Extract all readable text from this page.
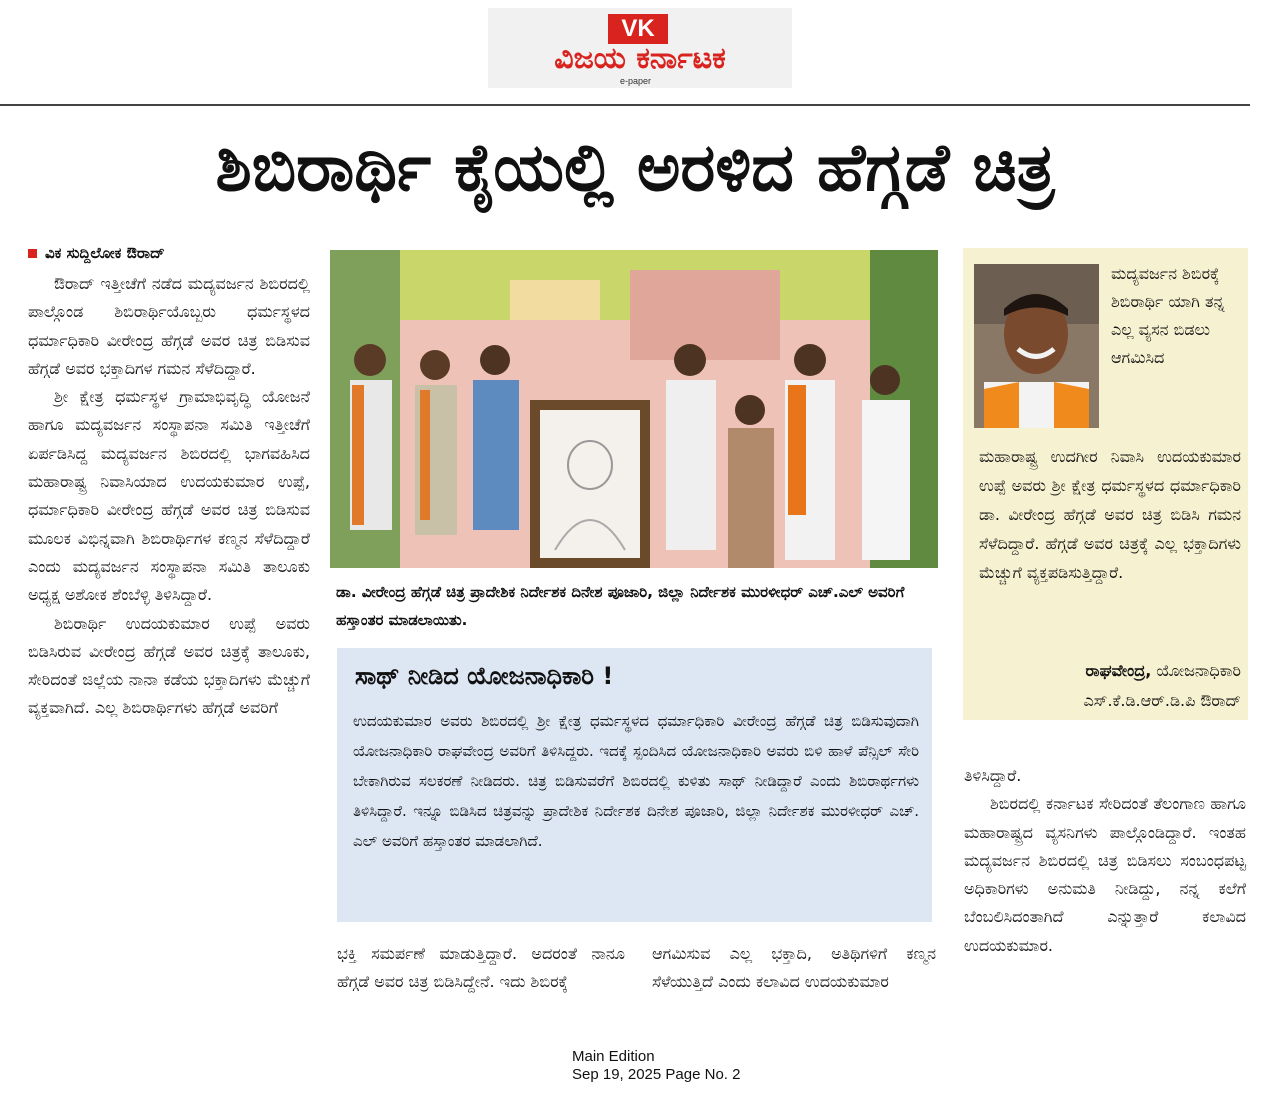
VK
ವಿಜಯ ಕರ್ನಾಟಕ
e-paper
ಶಿಬಿರಾರ್ಥಿ ಕೈಯಲ್ಲಿ ಅರಳಿದ ಹೆಗ್ಗಡೆ ಚಿತ್ರ
ವಿಕ ಸುದ್ದಿಲೋಕ ಔರಾದ್

ಔರಾದ್ ಇತ್ತೀಚೆಗೆ ನಡೆದ ಮದ್ಯವರ್ಜನ ಶಿಬಿರದಲ್ಲಿ ಪಾಲ್ಗೊಂಡ ಶಿಬಿರಾರ್ಥಿಯೊಬ್ಬರು ಧರ್ಮಸ್ಥಳದ ಧರ್ಮಾಧಿಕಾರಿ ವೀರೇಂದ್ರ ಹೆಗ್ಗಡೆ ಅವರ ಚಿತ್ರ ಬಿಡಿಸುವ ಹೆಗ್ಗಡೆ ಅವರ ಭಕ್ತಾದಿಗಳ ಗಮನ ಸೆಳೆದಿದ್ದಾರೆ.

ಶ್ರೀ ಕ್ಷೇತ್ರ ಧರ್ಮಸ್ಥಳ ಗ್ರಾಮಾಭಿವೃದ್ಧಿ ಯೋಜನೆ ಹಾಗೂ ಮದ್ಯವರ್ಜನ ಸಂಸ್ಥಾಪನಾ ಸಮಿತಿ ಇತ್ತೀಚೆಗೆ ಏರ್ಪಡಿಸಿದ್ದ ಮದ್ಯವರ್ಜನ ಶಿಬಿರದಲ್ಲಿ ಭಾಗವಹಿಸಿದ ಮಹಾರಾಷ್ಟ್ರ ನಿವಾಸಿಯಾದ ಉದಯಕುಮಾರ ಉಪ್ಪೆ, ಧರ್ಮಾಧಿಕಾರಿ ವೀರೇಂದ್ರ ಹೆಗ್ಗಡೆ ಅವರ ಚಿತ್ರ ಬಿಡಿಸುವ ಮೂಲಕ ವಿಭಿನ್ನವಾಗಿ ಶಿಬಿರಾರ್ಥಿಗಳ ಕಣ್ಮನ ಸೆಳೆದಿದ್ದಾರೆ ಎಂದು ಮದ್ಯವರ್ಜನ ಸಂಸ್ಥಾಪನಾ ಸಮಿತಿ ತಾಲೂಕು ಅಧ್ಯಕ್ಷ ಅಶೋಕ ಶೆಂಬೆಳ್ಳಿ ತಿಳಿಸಿದ್ದಾರೆ.

ಶಿಬಿರಾರ್ಥಿ ಉದಯಕುಮಾರ ಉಪ್ಪೆ ಅವರು ಬಿಡಿಸಿರುವ ವೀರೇಂದ್ರ ಹೆಗ್ಗಡೆ ಅವರ ಚಿತ್ರಕ್ಕೆ ತಾಲೂಕು, ಸೇರಿದಂತೆ ಜಿಲ್ಲೆಯ ನಾನಾ ಕಡೆಯ ಭಕ್ತಾದಿಗಳು ಮೆಚ್ಚುಗೆ ವ್ಯಕ್ತವಾಗಿದೆ. ಎಲ್ಲ ಶಿಬಿರಾರ್ಥಿಗಳು ಹೆಗ್ಗಡೆ ಅವರಿಗೆ

ಡಾ. ವೀರೇಂದ್ರ ಹೆಗ್ಗಡೆ ಚಿತ್ರ ಪ್ರಾದೇಶಿಕ ನಿರ್ದೇಶಕ ದಿನೇಶ ಪೂಜಾರಿ, ಜಿಲ್ಲಾ ನಿರ್ದೇಶಕ ಮುರಳೀಧರ್ ಎಚ್.ಎಲ್ ಅವರಿಗೆ ಹಸ್ತಾಂತರ ಮಾಡಲಾಯಿತು.
ಸಾಥ್ ನೀಡಿದ ಯೋಜನಾಧಿಕಾರಿ !
ಉದಯಕುಮಾರ ಅವರು ಶಿಬಿರದಲ್ಲಿ ಶ್ರೀ ಕ್ಷೇತ್ರ ಧರ್ಮಸ್ಥಳದ ಧರ್ಮಾಧಿಕಾರಿ ವೀರೇಂದ್ರ ಹೆಗ್ಗಡೆ ಚಿತ್ರ ಬಿಡಿಸುವುದಾಗಿ ಯೋಜನಾಧಿಕಾರಿ ರಾಘವೇಂದ್ರ ಅವರಿಗೆ ತಿಳಿಸಿದ್ದರು. ಇದಕ್ಕೆ ಸ್ಪಂದಿಸಿದ ಯೋಜನಾಧಿಕಾರಿ ಅವರು ಬಿಳಿ ಹಾಳೆ ಪೆನ್ಸಿಲ್ ಸೇರಿ ಬೇಕಾಗಿರುವ ಸಲಕರಣೆ ನೀಡಿದರು. ಚಿತ್ರ ಬಿಡಿಸುವರೆಗೆ ಶಿಬಿರದಲ್ಲಿ ಕುಳಿತು ಸಾಥ್ ನೀಡಿದ್ದಾರೆ ಎಂದು ಶಿಬಿರಾರ್ಥಗಳು ತಿಳಿಸಿದ್ದಾರೆ. ಇನ್ನೂ ಬಿಡಿಸಿದ ಚಿತ್ರವನ್ನು ಪ್ರಾದೇಶಿಕ ನಿರ್ದೇಶಕ ದಿನೇಶ ಪೂಜಾರಿ, ಜಿಲ್ಲಾ ನಿರ್ದೇಶಕ ಮುರಳೀಧರ್ ಎಚ್. ಎಲ್ ಅವರಿಗೆ ಹಸ್ತಾಂತರ ಮಾಡಲಾಗಿದೆ.

ಭಕ್ತಿ ಸಮರ್ಪಣೆ ಮಾಡುತ್ತಿದ್ದಾರೆ. ಅದರಂತೆ ನಾನೂ ಹೆಗ್ಗಡೆ ಅವರ ಚಿತ್ರ ಬಿಡಿಸಿದ್ದೇನೆ. ಇದು ಶಿಬಿರಕ್ಕೆ

ಆಗಮಿಸುವ ಎಲ್ಲ ಭಕ್ತಾದಿ, ಅತಿಥಿಗಳಿಗೆ ಕಣ್ಮನ ಸೆಳೆಯುತ್ತಿದೆ ಎಂದು ಕಲಾವಿದ ಉದಯಕುಮಾರ

ಮದ್ಯವರ್ಜನ ಶಿಬಿರಕ್ಕೆ ಶಿಬಿರಾರ್ಥಿ ಯಾಗಿ ತನ್ನ ಎಲ್ಲ ವ್ಯಸನ ಬಿಡಲು ಆಗಮಿಸಿದ
ಮಹಾರಾಷ್ಟ್ರ ಉದಗೀರ ನಿವಾಸಿ ಉದಯಕುಮಾರ ಉಪ್ಪೆ ಅವರು ಶ್ರೀ ಕ್ಷೇತ್ರ ಧರ್ಮಸ್ಥಳದ ಧರ್ಮಾಧಿಕಾರಿ ಡಾ. ವೀರೇಂದ್ರ ಹೆಗ್ಗಡೆ ಅವರ ಚಿತ್ರ ಬಿಡಿಸಿ ಗಮನ ಸೆಳೆದಿದ್ದಾರೆ. ಹೆಗ್ಗಡೆ ಅವರ ಚಿತ್ರಕ್ಕೆ ಎಲ್ಲ ಭಕ್ತಾದಿಗಳು ಮೆಚ್ಚುಗೆ ವ್ಯಕ್ತಪಡಿಸುತ್ತಿದ್ದಾರೆ.
ರಾಘವೇಂದ್ರ, ಯೋಜನಾಧಿಕಾರಿ
ಎಸ್.ಕೆ.ಡಿ.ಆರ್.ಡಿ.ಪಿ ಔರಾದ್

ತಿಳಿಸಿದ್ದಾರೆ.

ಶಿಬಿರದಲ್ಲಿ ಕರ್ನಾಟಕ ಸೇರಿದಂತೆ ತೆಲಂಗಾಣ ಹಾಗೂ ಮಹಾರಾಷ್ಟ್ರದ ವ್ಯಸನಿಗಳು ಪಾಲ್ಗೊಂಡಿದ್ದಾರೆ. ಇಂತಹ ಮದ್ಯವರ್ಜನ ಶಿಬಿರದಲ್ಲಿ ಚಿತ್ರ ಬಿಡಿಸಲು ಸಂಬಂಧಪಟ್ಟ ಅಧಿಕಾರಿಗಳು ಅನುಮತಿ ನೀಡಿದ್ದು, ನನ್ನ ಕಲೆಗೆ ಬೆಂಬಲಿಸಿದಂತಾಗಿದೆ ಎನ್ನುತ್ತಾರೆ ಕಲಾವಿದ ಉದಯಕುಮಾರ.

Main Edition
Sep 19, 2025 Page No. 2
